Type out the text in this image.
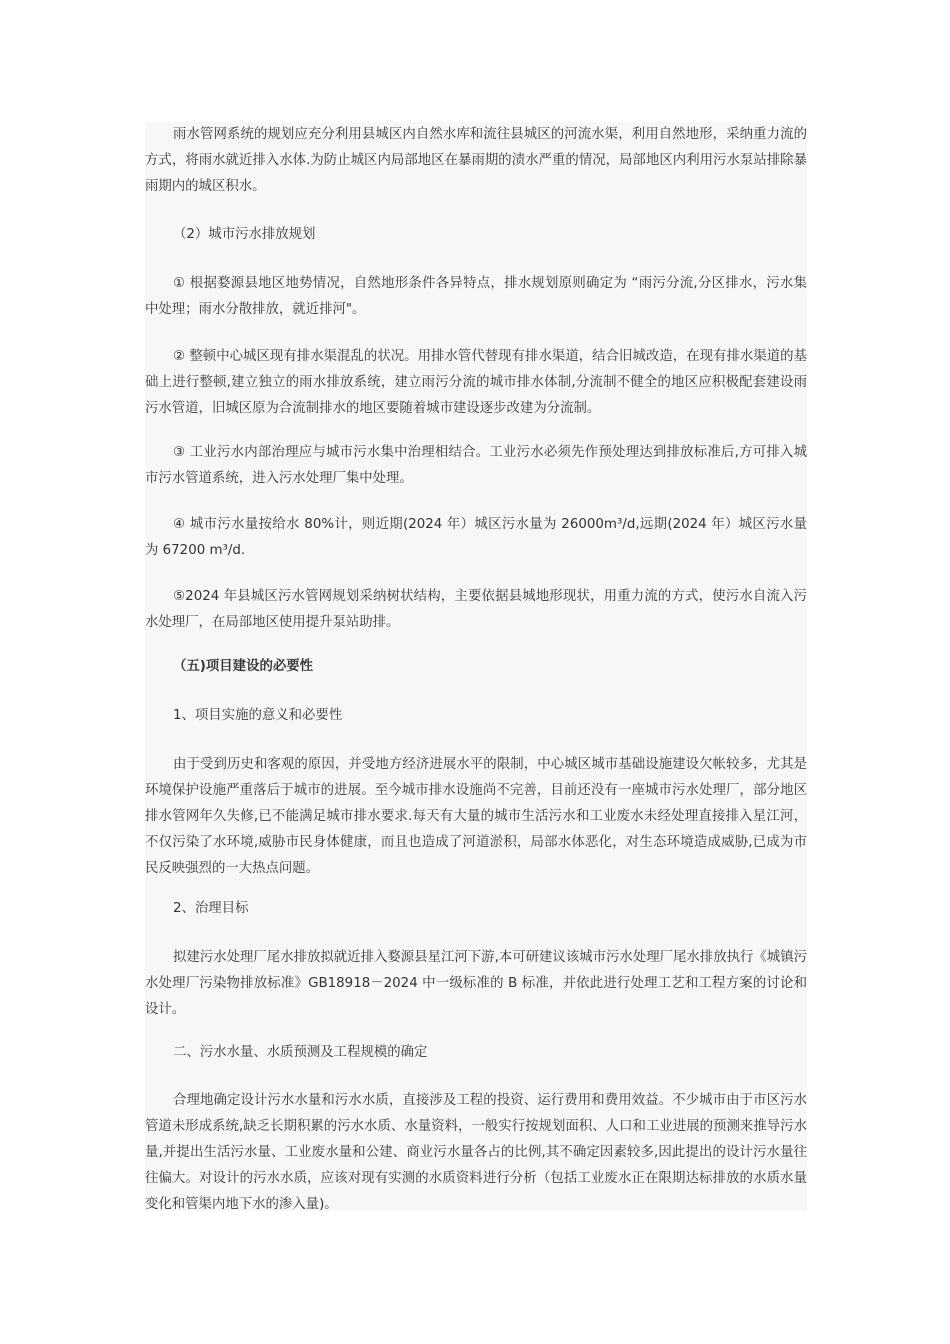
雨水管网系统的规划应充分利用县城区内自然水库和流往县城区的河流水渠，利用自然地形，采纳重力流的方式，将雨水就近排入水体.为防止城区内局部地区在暴雨期的渍水严重的情况，局部地区内利用污水泵站排除暴雨期内的城区积水。

（2）城市污水排放规划

① 根据婺源县地区地势情况，自然地形条件各异特点，排水规划原则确定为 “雨污分流,分区排水，污水集中处理；雨水分散排放，就近排河"。

② 整顿中心城区现有排水渠混乱的状况。用排水管代替现有排水渠道，结合旧城改造，在现有排水渠道的基础上进行整顿,建立独立的雨水排放系统，建立雨污分流的城市排水体制,分流制不健全的地区应积极配套建设雨污水管道，旧城区原为合流制排水的地区要随着城市建设逐步改建为分流制。

③ 工业污水内部治理应与城市污水集中治理相结合。工业污水必须先作预处理达到排放标准后,方可排入城市污水管道系统，进入污水处理厂集中处理。

④ 城市污水量按给水 80%计，则近期(2024 年）城区污水量为 26000m³/d,远期(2024 年）城区污水量为 67200 m³/d.

⑤2024 年县城区污水管网规划采纳树状结构，主要依据县城地形现状，用重力流的方式，使污水自流入污水处理厂，在局部地区使用提升泵站助排。

（五)项目建设的必要性

1、项目实施的意义和必要性

由于受到历史和客观的原因，并受地方经济进展水平的限制，中心城区城市基础设施建设欠帐较多，尤其是环境保护设施严重落后于城市的进展。至今城市排水设施尚不完善，目前还没有一座城市污水处理厂，部分地区排水管网年久失修,已不能满足城市排水要求.每天有大量的城市生活污水和工业废水未经处理直接排入星江河，不仅污染了水环境,威胁市民身体健康，而且也造成了河道淤积，局部水体恶化，对生态环境造成威胁,已成为市民反映强烈的一大热点问题。

2、治理目标

拟建污水处理厂尾水排放拟就近排入婺源县星江河下游,本可研建议该城市污水处理厂尾水排放执行《城镇污水处理厂污染物排放标准》GB18918－2024 中一级标准的 B 标准，并依此进行处理工艺和工程方案的讨论和设计。

二、污水水量、水质预测及工程规模的确定

合理地确定设计污水水量和污水水质，直接涉及工程的投资、运行费用和费用效益。不少城市由于市区污水管道未形成系统,缺乏长期积累的污水水质、水量资料，一般实行按规划面积、人口和工业进展的预测来推导污水量,并提出生活污水量、工业废水量和公建、商业污水量各占的比例,其不确定因素较多,因此提出的设计污水量往往偏大。对设计的污水水质，应该对现有实测的水质资料进行分析（包括工业废水正在限期达标排放的水质水量变化和管渠内地下水的渗入量)。
